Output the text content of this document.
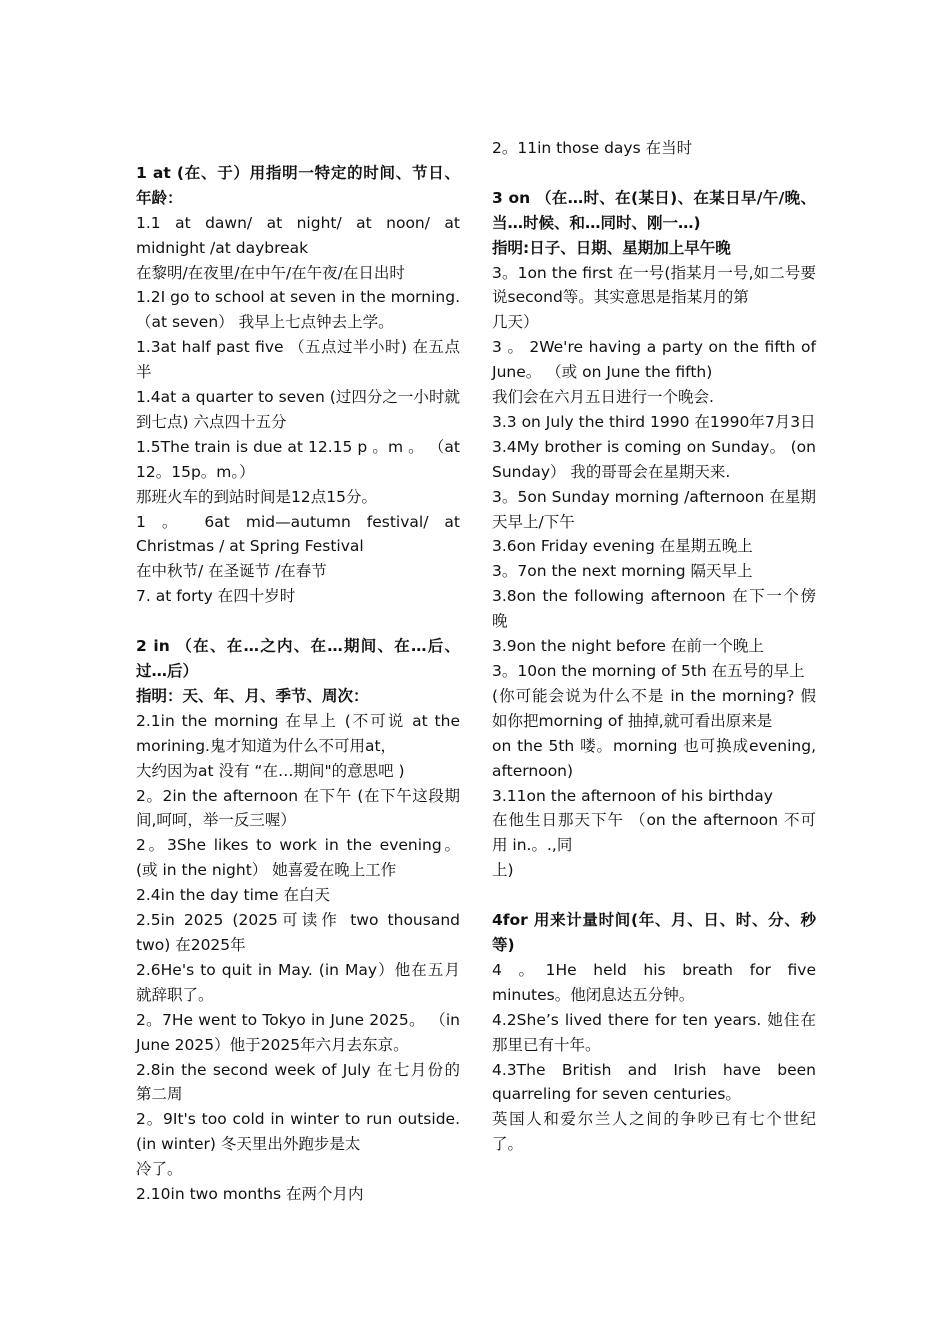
1 at (在、于）用指明一特定的时间、节日、年龄：

1.1 at dawn/ at night/ at noon/ at midnight /at daybreak

在黎明/在夜里/在中午/在午夜/在日出时

1.2I go to school at seven in the morning.（at seven） 我早上七点钟去上学。

1.3at half past five （五点过半小时) 在五点半

1.4at a quarter to seven (过四分之一小时就到七点) 六点四十五分

1.5The train is due at 12.15 p 。m 。 （at 12。15p。m。）

那班火车的到站时间是12点15分。

1 。 6at mid—autumn festival/ at Christmas / at Spring Festival

在中秋节/ 在圣诞节 /在春节

7. at forty 在四十岁时

2 in （在、在…之内、在…期间、在…后、过…后）

指明：天、年、月、季节、周次：

2.1in the morning 在早上 (不可说 at the morining.鬼才知道为什么不可用at，

大约因为at 没有 “在…期间"的意思吧 )

2。2in the afternoon 在下午 (在下午这段期间,呵呵，举一反三喔）

2。3She likes to work in the evening。 (或 in the night） 她喜爱在晚上工作

2.4in the day time 在白天

2.5in 2025 (2025可读作 two thousand two) 在2025年

2.6He's to quit in May. (in May）他在五月就辞职了。

2。7He went to Tokyo in June 2025。 （in June 2025）他于2025年六月去东京。

2.8in the second week of July 在七月份的第二周

2。9It's too cold in winter to run outside. (in winter) 冬天里出外跑步是太

冷了。

2.10in two months 在两个月内

2。11in those days 在当时

3 on （在…时、在(某日)、在某日早/午/晚、当…时候、和…同时、刚一…)

指明:日子、日期、星期加上早午晚

3。1on the first 在一号(指某月一号,如二号要说second等。其实意思是指某月的第

几天）

3 。 2We're having a party on the fifth of June。 （或 on June the fifth)

我们会在六月五日进行一个晚会.

3.3 on July the third 1990 在1990年7月3日

3.4My brother is coming on Sunday。 (on Sunday） 我的哥哥会在星期天来.

3。5on Sunday morning /afternoon 在星期天早上/下午

3.6on Friday evening 在星期五晚上

3。7on the next morning 隔天早上

3.8on the following afternoon 在下一个傍晚

3.9on the night before 在前一个晚上

3。10on the morning of 5th 在五号的早上

(你可能会说为什么不是 in the morning? 假如你把morning of 抽掉,就可看出原来是

on the 5th 喽。morning 也可换成evening, afternoon)

3.11on the afternoon of his birthday

在他生日那天下午 （on the afternoon 不可用 in.。.,同

上)

4for 用来计量时间(年、月、日、时、分、秒等)

4 。1He held his breath for five minutes。他闭息达五分钟。

4.2She’s lived there for ten years. 她住在那里已有十年。

4.3The British and Irish have been quarreling for seven centuries。

英国人和爱尔兰人之间的争吵已有七个世纪了。
